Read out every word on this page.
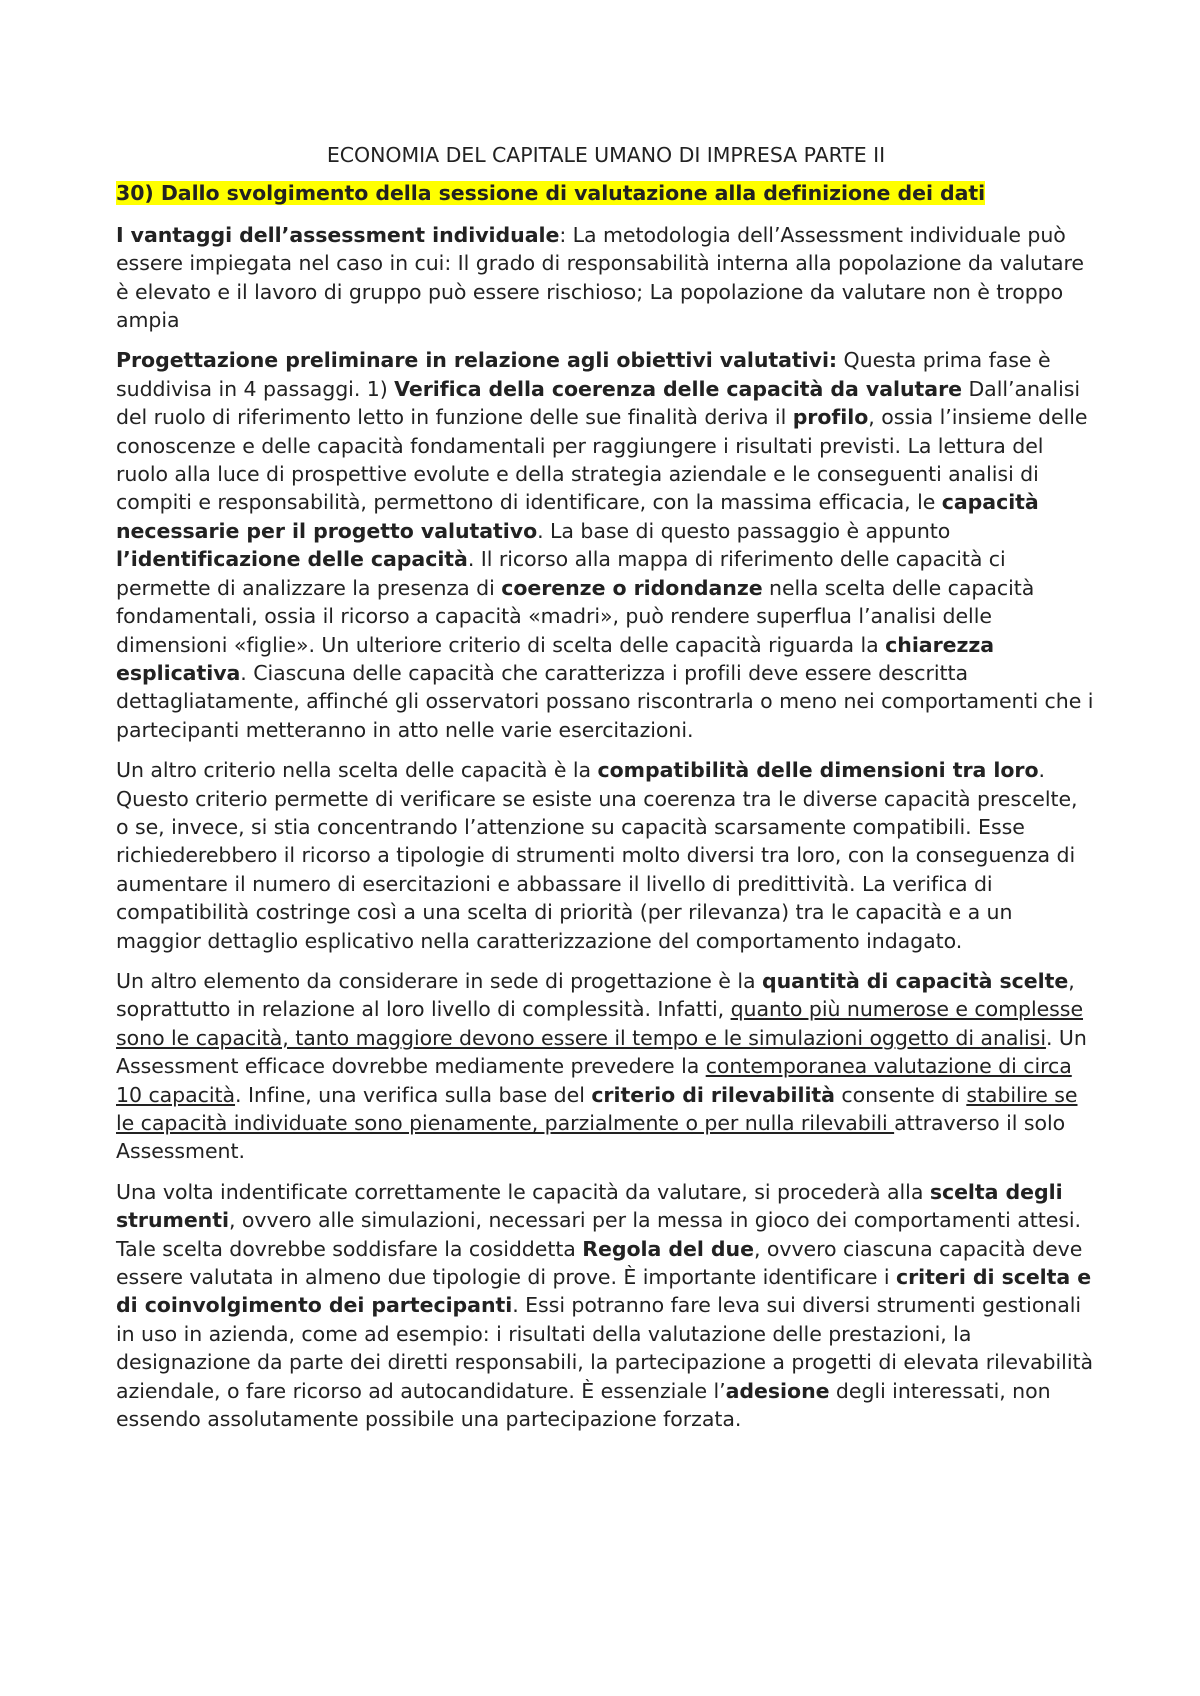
ECONOMIA DEL CAPITALE UMANO DI IMPRESA PARTE II
30) Dallo svolgimento della sessione di valutazione alla definizione dei dati

I vantaggi dell’assessment individuale: La metodologia dell’Assessment individuale può essere impiegata nel caso in cui: Il grado di responsabilità interna alla popolazione da valutare è elevato e il lavoro di gruppo può essere rischioso; La popolazione da valutare non è troppo ampia

Progettazione preliminare in relazione agli obiettivi valutativi: Questa prima fase è suddivisa in 4 passaggi. 1) Verifica della coerenza delle capacità da valutare Dall’analisi del ruolo di riferimento letto in funzione delle sue finalità deriva il profilo, ossia l’insieme delle conoscenze e delle capacità fondamentali per raggiungere i risultati previsti. La lettura del ruolo alla luce di prospettive evolute e della strategia aziendale e le conseguenti analisi di compiti e responsabilità, permettono di identificare, con la massima efficacia, le capacità necessarie per il progetto valutativo. La base di questo passaggio è appunto l’identificazione delle capacità. Il ricorso alla mappa di riferimento delle capacità ci permette di analizzare la presenza di coerenze o ridondanze nella scelta delle capacità fondamentali, ossia il ricorso a capacità «madri», può rendere superflua l’analisi delle dimensioni «figlie». Un ulteriore criterio di scelta delle capacità riguarda la chiarezza esplicativa. Ciascuna delle capacità che caratterizza i profili deve essere descritta dettagliatamente, affinché gli osservatori possano riscontrarla o meno nei comportamenti che i partecipanti metteranno in atto nelle varie esercitazioni.

Un altro criterio nella scelta delle capacità è la compatibilità delle dimensioni tra loro. Questo criterio permette di verificare se esiste una coerenza tra le diverse capacità prescelte, o se, invece, si stia concentrando l’attenzione su capacità scarsamente compatibili. Esse richiederebbero il ricorso a tipologie di strumenti molto diversi tra loro, con la conseguenza di aumentare il numero di esercitazioni e abbassare il livello di predittività. La verifica di compatibilità costringe così a una scelta di priorità (per rilevanza) tra le capacità e a un maggior dettaglio esplicativo nella caratterizzazione del comportamento indagato.

Un altro elemento da considerare in sede di progettazione è la quantità di capacità scelte, soprattutto in relazione al loro livello di complessità. Infatti, quanto più numerose e complesse sono le capacità, tanto maggiore devono essere il tempo e le simulazioni oggetto di analisi. Un Assessment efficace dovrebbe mediamente prevedere la contemporanea valutazione di circa 10 capacità. Infine, una verifica sulla base del criterio di rilevabilità consente di stabilire se le capacità individuate sono pienamente, parzialmente o per nulla rilevabili attraverso il solo Assessment.

Una volta indentificate correttamente le capacità da valutare, si procederà alla scelta degli strumenti, ovvero alle simulazioni, necessari per la messa in gioco dei comportamenti attesi. Tale scelta dovrebbe soddisfare la cosiddetta Regola del due, ovvero ciascuna capacità deve essere valutata in almeno due tipologie di prove. È importante identificare i criteri di scelta e di coinvolgimento dei partecipanti. Essi potranno fare leva sui diversi strumenti gestionali in uso in azienda, come ad esempio: i risultati della valutazione delle prestazioni, la designazione da parte dei diretti responsabili, la partecipazione a progetti di elevata rilevabilità aziendale, o fare ricorso ad autocandidature. È essenziale l’adesione degli interessati, non essendo assolutamente possibile una partecipazione forzata.
